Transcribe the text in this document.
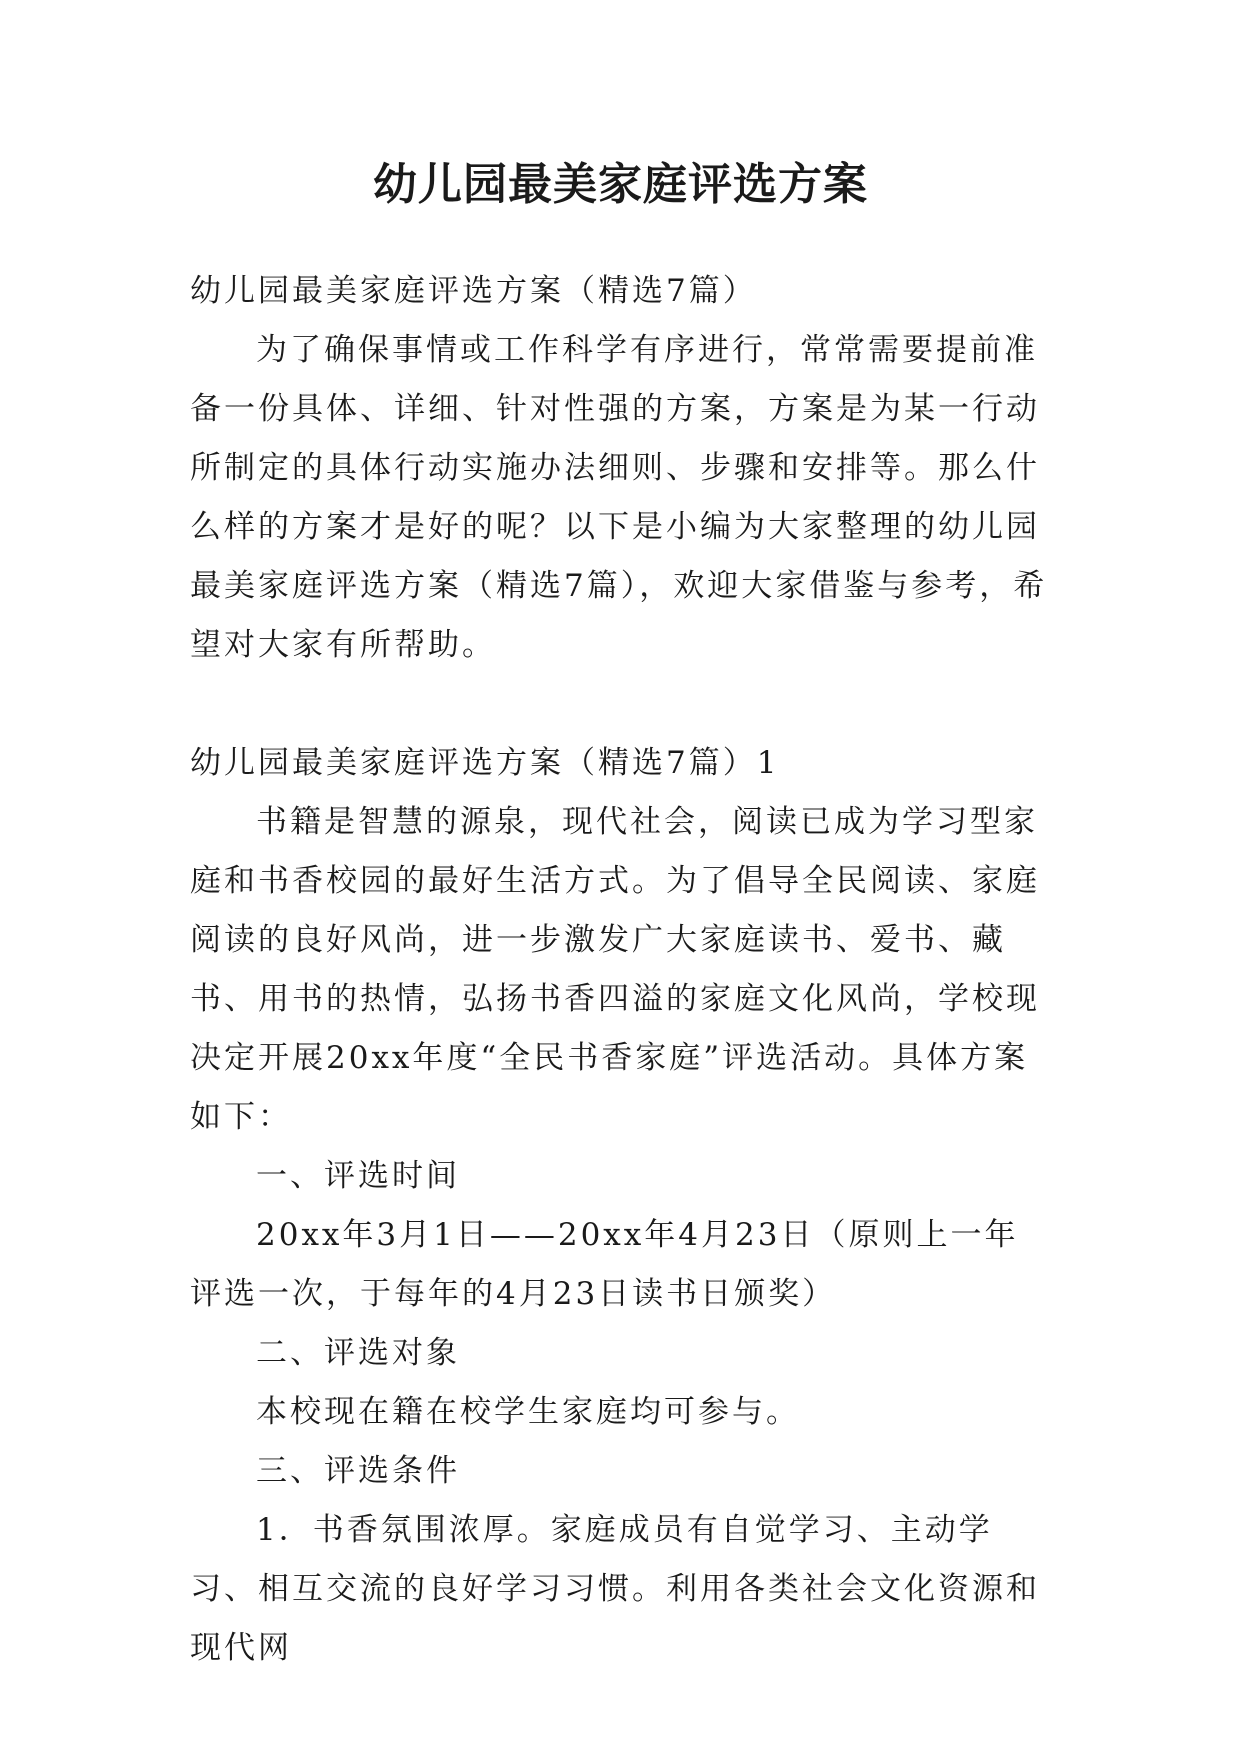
幼儿园最美家庭评选方案

幼儿园最美家庭评选方案（精选7篇）

为了确保事情或工作科学有序进行，常常需要提前准备一份具体、详细、针对性强的方案，方案是为某一行动所制定的具体行动实施办法细则、步骤和安排等。那么什么样的方案才是好的呢？以下是小编为大家整理的幼儿园最美家庭评选方案（精选7篇），欢迎大家借鉴与参考，希望对大家有所帮助。

幼儿园最美家庭评选方案（精选7篇）1

书籍是智慧的源泉，现代社会，阅读已成为学习型家庭和书香校园的最好生活方式。为了倡导全民阅读、家庭阅读的良好风尚，进一步激发广大家庭读书、爱书、藏书、用书的热情，弘扬书香四溢的家庭文化风尚，学校现决定开展20xx年度“全民书香家庭”评选活动。具体方案如下：

一、评选时间

20xx年3月1日——20xx年4月23日（原则上一年评选一次，于每年的4月23日读书日颁奖）

二、评选对象

本校现在籍在校学生家庭均可参与。

三、评选条件

1．书香氛围浓厚。家庭成员有自觉学习、主动学习、相互交流的良好学习习惯。利用各类社会文化资源和现代网
